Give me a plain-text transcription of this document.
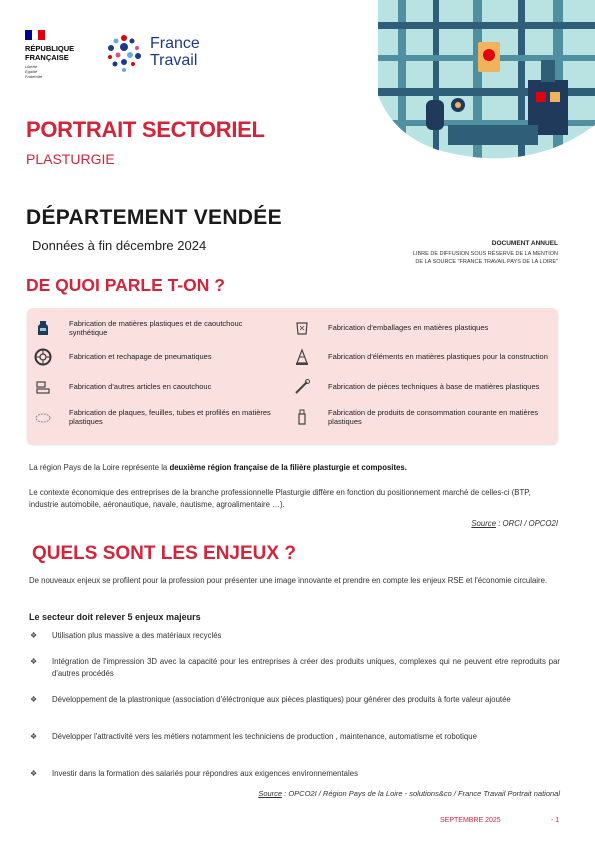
RÉPUBLIQUE
FRANÇAISE
Liberté
Égalité
Fraternité
France
Travail
PORTRAIT SECTORIEL
PLASTURGIE
DÉPARTEMENT VENDÉE
Données à fin décembre 2024	DOCUMENT ANNUEL
LIBRE DE DIFFUSION SOUS RÉSERVE DE LA MENTION
DE LA SOURCE "FRANCE TRAVAIL PAYS DE LA LOIRE"
DE QUOI PARLE T-ON ?
Fabrication de matières plastiques et de caoutchouc synthétique
Fabrication et rechapage de pneumatiques
Fabrication d'autres articles en caoutchouc
Fabrication de plaques, feuilles, tubes et profilés en matières plastiques
Fabrication d'emballages en matières plastiques
Fabrication d'éléments en matières plastiques pour la construction
Fabrication de pièces techniques à base de matières plastiques
Fabrication de produits de consommation courante en matières plastiques
La région Pays de la Loire représente la deuxième région française de la filière plasturgie et composites.
Le contexte économique des entreprises de la branche professionnelle Plasturgie diffère en fonction du positionnement marché de celles-ci (BTP, industrie automobile, aéronautique, navale, nautisme, agroalimentaire …).
Source : ORCI / OPCO2I
QUELS SONT LES ENJEUX ?
De nouveaux enjeux se profilent pour la profession pour présenter une image innovante et prendre en compte les enjeux RSE et l'économie circulaire.
Le secteur doit relever 5 enjeux majeurs
❖	Utilisation plus massive a des matériaux recyclés
❖	Intégration de l'impression 3D avec la capacité pour les entreprises à créer des produits uniques, complexes qui ne peuvent etre reproduits par d'autres procédés
❖	Développement de la plastronique (association d'éléctronique aux pièces plastiques) pour générer des produits à forte valeur ajoutée
❖	Développer l'attractivité vers les métiers notamment les techniciens de production , maintenance, automatisme et robotique
❖	Investir dans la formation des salariés pour répondres aux exigences environnementales
Source : OPCO2I / Région Pays de la Loire - solutions&co / France Travail Portrait national
SEPTEMBRE 2025	- 1
